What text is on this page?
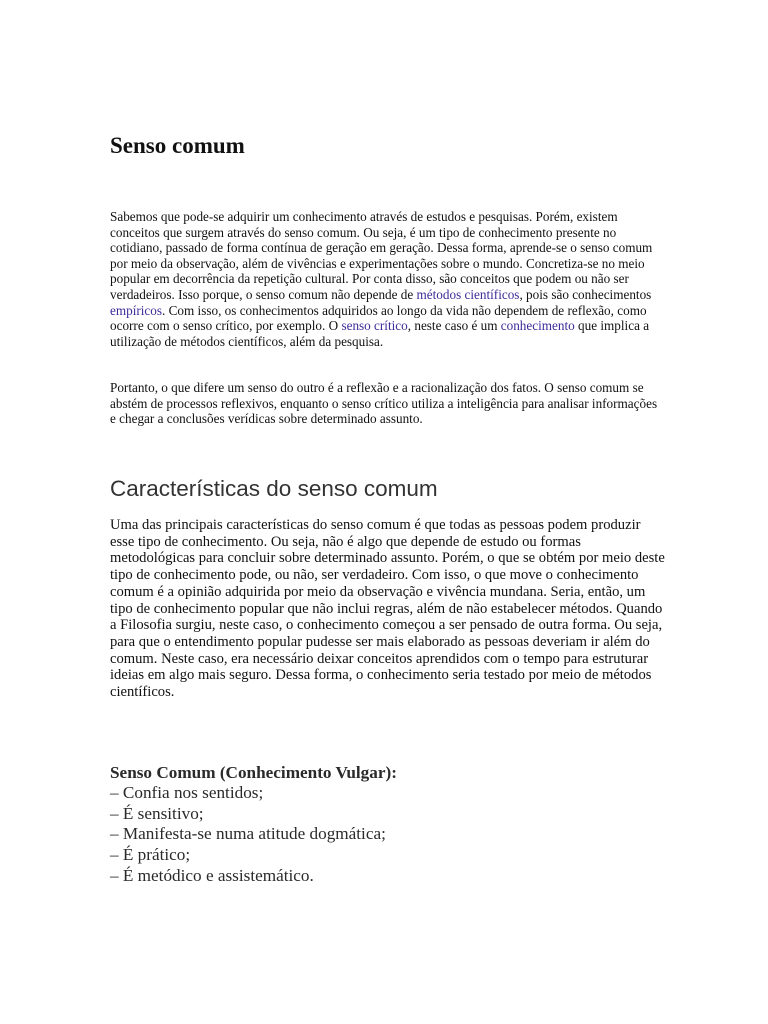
Senso comum

Sabemos que pode-se adquirir um conhecimento através de estudos e pesquisas. Porém, existem conceitos que surgem através do senso comum. Ou seja, é um tipo de conhecimento presente no cotidiano, passado de forma contínua de geração em geração. Dessa forma, aprende-se o senso comum por meio da observação, além de vivências e experimentações sobre o mundo. Concretiza-se no meio popular em decorrência da repetição cultural. Por conta disso, são conceitos que podem ou não ser verdadeiros. Isso porque, o senso comum não depende de métodos científicos, pois são conhecimentos empíricos. Com isso, os conhecimentos adquiridos ao longo da vida não dependem de reflexão, como ocorre com o senso crítico, por exemplo. O senso crítico, neste caso é um conhecimento que implica a utilização de métodos científicos, além da pesquisa.

Portanto, o que difere um senso do outro é a reflexão e a racionalização dos fatos. O senso comum se abstém de processos reflexivos, enquanto o senso crítico utiliza a inteligência para analisar informações e chegar a conclusões verídicas sobre determinado assunto.

Características do senso comum

Uma das principais características do senso comum é que todas as pessoas podem produzir esse tipo de conhecimento. Ou seja, não é algo que depende de estudo ou formas metodológicas para concluir sobre determinado assunto. Porém, o que se obtém por meio deste tipo de conhecimento pode, ou não, ser verdadeiro. Com isso, o que move o conhecimento comum é a opinião adquirida por meio da observação e vivência mundana. Seria, então, um tipo de conhecimento popular que não inclui regras, além de não estabelecer métodos. Quando a Filosofia surgiu, neste caso, o conhecimento começou a ser pensado de outra forma. Ou seja, para que o entendimento popular pudesse ser mais elaborado as pessoas deveriam ir além do comum. Neste caso, era necessário deixar conceitos aprendidos com o tempo para estruturar ideias em algo mais seguro. Dessa forma, o conhecimento seria testado por meio de métodos científicos.

Senso Comum (Conhecimento Vulgar):
– Confia nos sentidos;
– É sensitivo;
– Manifesta-se numa atitude dogmática;
– É prático;
– É metódico e assistemático.
